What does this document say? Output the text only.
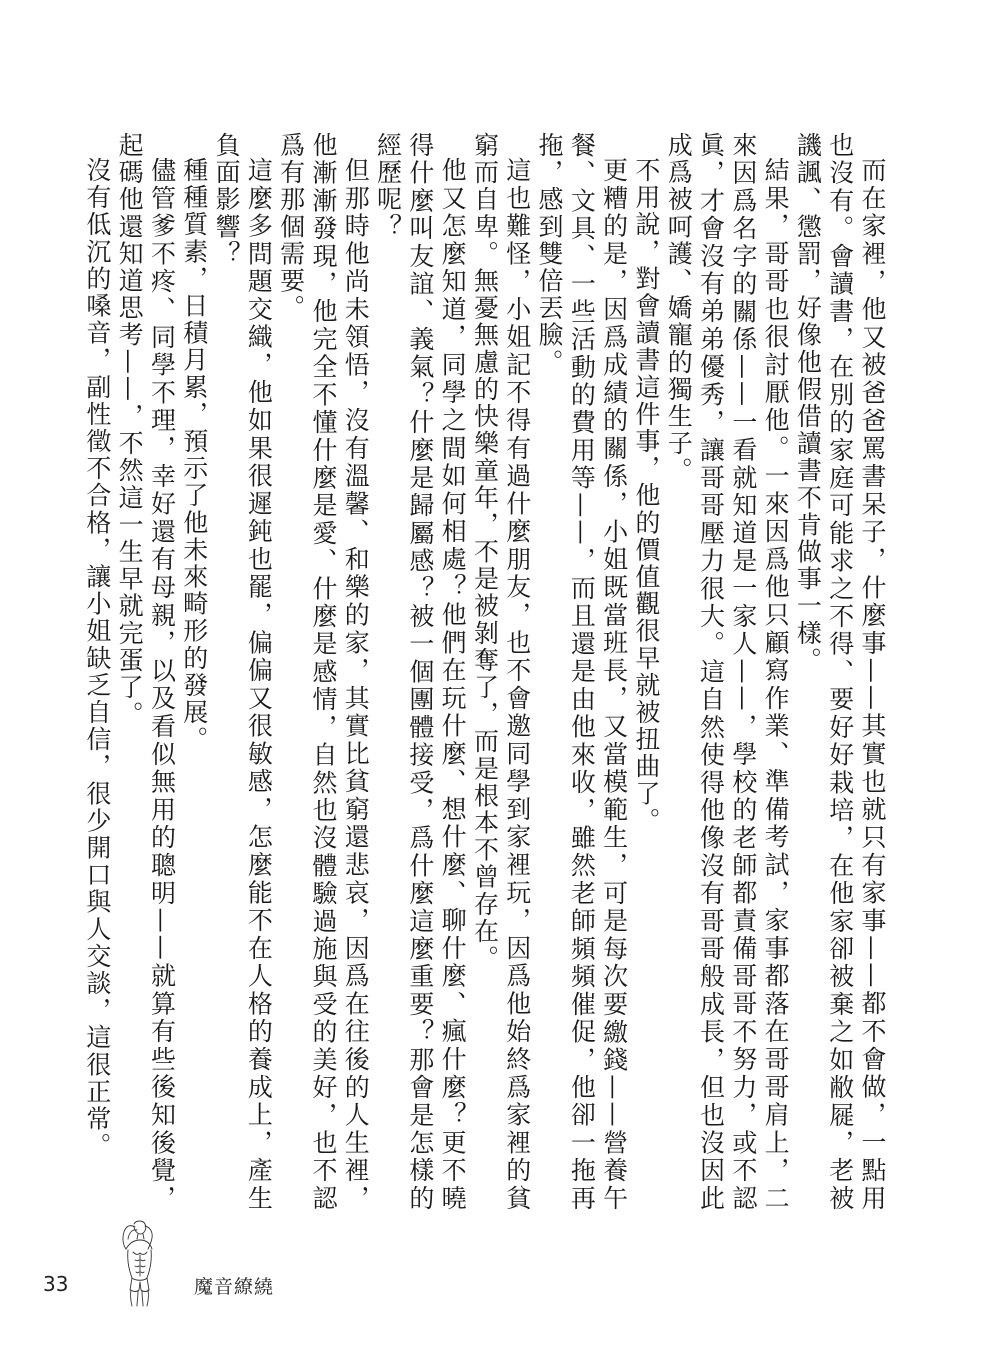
而在家裡，他又被爸爸罵書呆子，什麼事——其實也就只有家事——都不會做，一點用也沒有。會讀書，在別的家庭可能求之不得、要好好栽培，在他家卻被棄之如敝屣，老被譏諷、懲罰，好像他假借讀書不肯做事一樣。

結果，哥哥也很討厭他。一來因爲他只顧寫作業、準備考試，家事都落在哥哥肩上，二來因爲名字的關係——一看就知道是一家人——，學校的老師都責備哥哥不努力，或不認眞，才會沒有弟弟優秀，讓哥哥壓力很大。這自然使得他像沒有哥哥般成長，但也沒因此成爲被呵護、嬌寵的獨生子。

不用說，對會讀書這件事，他的價值觀很早就被扭曲了。

更糟的是，因爲成績的關係，小姐既當班長，又當模範生，可是每次要繳錢——營養午餐、文具、一些活動的費用等——，而且還是由他來收，雖然老師頻頻催促，他卻一拖再拖，感到雙倍丟臉。

這也難怪，小姐記不得有過什麼朋友，也不會邀同學到家裡玩，因爲他始終爲家裡的貧窮而自卑。無憂無慮的快樂童年，不是被剝奪了，而是根本不曾存在。

他又怎麼知道，同學之間如何相處？他們在玩什麼、想什麼、聊什麼、瘋什麼？更不曉得什麼叫友誼、義氣？什麼是歸屬感？被一個團體接受，爲什麼這麼重要？那會是怎樣的經歷呢？

但那時他尚未領悟，沒有溫馨、和樂的家，其實比貧窮還悲哀，因爲在往後的人生裡，他漸漸發現，他完全不懂什麼是愛、什麼是感情，自然也沒體驗過施與受的美好，也不認爲有那個需要。

這麼多問題交織，他如果很遲鈍也罷，偏偏又很敏感，怎麼能不在人格的養成上，產生負面影響？

種種質素，日積月累，預示了他未來畸形的發展。

儘管爹不疼、同學不理，幸好還有母親，以及看似無用的聰明——就算有些後知後覺，起碼他還知道思考——，不然這一生早就完蛋了。

沒有低沉的嗓音，副性徵不合格，讓小姐缺乏自信，很少開口與人交談，這很正常。

33	魔音繚繞
